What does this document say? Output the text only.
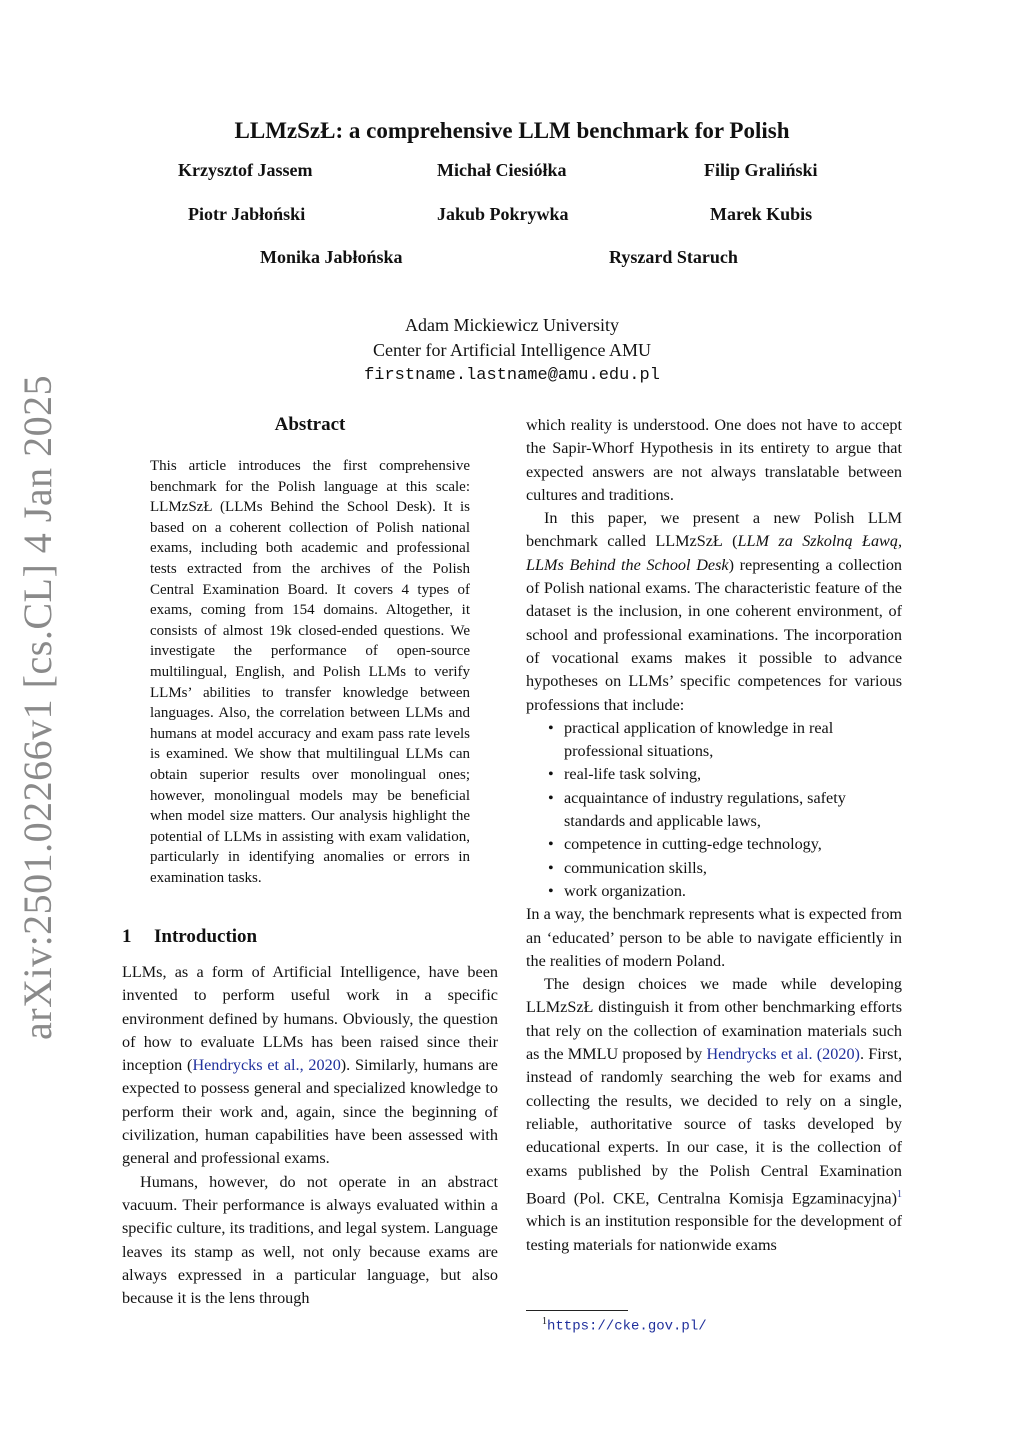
arXiv:2501.02266v1 [cs.CL] 4 Jan 2025
LLMzSzŁ: a comprehensive LLM benchmark for Polish
Krzysztof Jassem	Michał Ciesiółka	Filip Graliński
Piotr Jabłoński	Jakub Pokrywka	Marek Kubis
Monika Jabłońska	Ryszard Staruch
Adam Mickiewicz University
Center for Artificial Intelligence AMU
firstname.lastname@amu.edu.pl
Abstract
This article introduces the first comprehensive benchmark for the Polish language at this scale: LLMzSzŁ (LLMs Behind the School Desk). It is based on a coherent collection of Polish national exams, including both academic and professional tests extracted from the archives of the Polish Central Examination Board. It covers 4 types of exams, coming from 154 domains. Altogether, it consists of almost 19k closed-ended questions. We investigate the performance of open-source multilingual, English, and Polish LLMs to verify LLMs’ abilities to transfer knowledge between languages. Also, the correlation between LLMs and humans at model accuracy and exam pass rate levels is examined. We show that multilingual LLMs can obtain superior results over monolingual ones; however, monolingual models may be beneficial when model size matters. Our analysis highlight the potential of LLMs in assisting with exam validation, particularly in identifying anomalies or errors in examination tasks.
1 Introduction

LLMs, as a form of Artificial Intelligence, have been invented to perform useful work in a specific environment defined by humans. Obviously, the question of how to evaluate LLMs has been raised since their inception (Hendrycks et al., 2020). Similarly, humans are expected to possess general and specialized knowledge to perform their work and, again, since the beginning of civilization, human capabilities have been assessed with general and professional exams.

Humans, however, do not operate in an abstract vacuum. Their performance is always evaluated within a specific culture, its traditions, and legal system. Language leaves its stamp as well, not only because exams are always expressed in a particular language, but also because it is the lens through

which reality is understood. One does not have to accept the Sapir-Whorf Hypothesis in its entirety to argue that expected answers are not always translatable between cultures and traditions.

In this paper, we present a new Polish LLM benchmark called LLMzSzŁ (LLM za Szkolną Ławą, LLMs Behind the School Desk) representing a collection of Polish national exams. The characteristic feature of the dataset is the inclusion, in one coherent environment, of school and professional examinations. The incorporation of vocational exams makes it possible to advance hypotheses on LLMs’ specific competences for various professions that include:

• practical application of knowledge in real professional situations,
• real-life task solving,
• acquaintance of industry regulations, safety standards and applicable laws,
• competence in cutting-edge technology,
• communication skills,
• work organization.

In a way, the benchmark represents what is expected from an ‘educated’ person to be able to navigate efficiently in the realities of modern Poland.

The design choices we made while developing LLMzSzŁ distinguish it from other benchmarking efforts that rely on the collection of examination materials such as the MMLU proposed by Hendrycks et al. (2020). First, instead of randomly searching the web for exams and collecting the results, we decided to rely on a single, reliable, authoritative source of tasks developed by educational experts. In our case, it is the collection of exams published by the Polish Central Examination Board (Pol. CKE, Centralna Komisja Egzaminacyjna)$^1$ which is an institution responsible for the development of testing materials for nationwide exams

$^1$https://cke.gov.pl/
